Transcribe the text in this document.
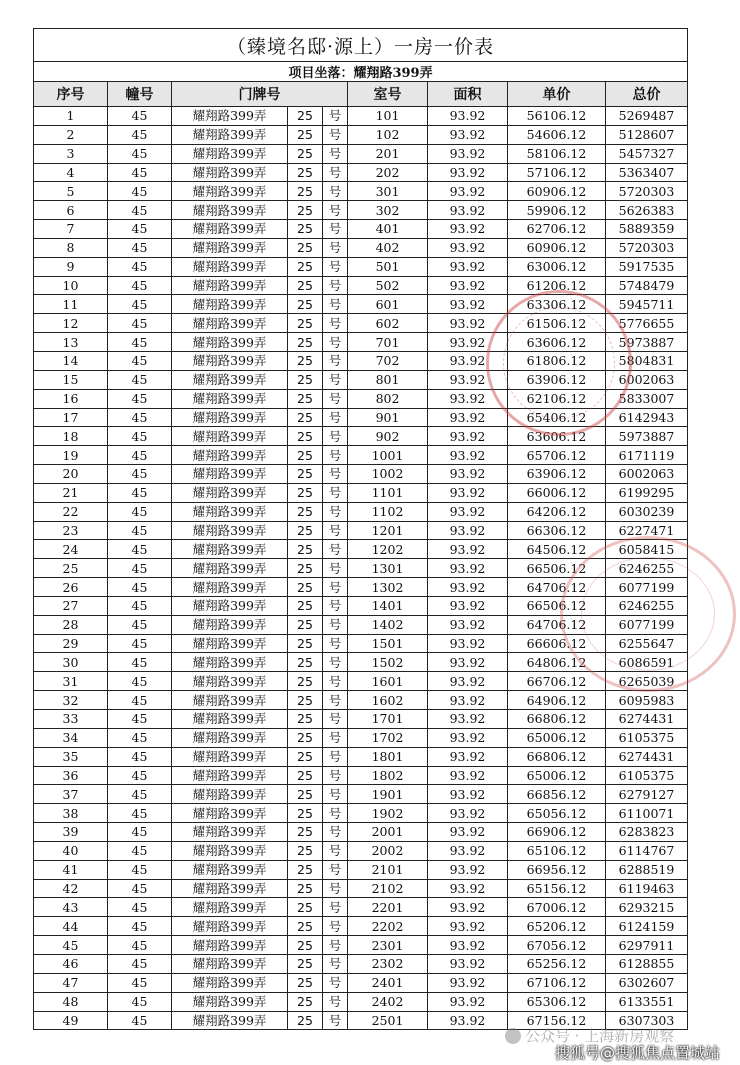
（臻境名邸·源上）一房一价表								
项目坐落：耀翔路399弄								
序号	幢号	门牌号			室号	面积	单价	总价
1	45	耀翔路399弄	25	号	101	93.92	56106.12	5269487
2	45	耀翔路399弄	25	号	102	93.92	54606.12	5128607
3	45	耀翔路399弄	25	号	201	93.92	58106.12	5457327
4	45	耀翔路399弄	25	号	202	93.92	57106.12	5363407
5	45	耀翔路399弄	25	号	301	93.92	60906.12	5720303
6	45	耀翔路399弄	25	号	302	93.92	59906.12	5626383
7	45	耀翔路399弄	25	号	401	93.92	62706.12	5889359
8	45	耀翔路399弄	25	号	402	93.92	60906.12	5720303
9	45	耀翔路399弄	25	号	501	93.92	63006.12	5917535
10	45	耀翔路399弄	25	号	502	93.92	61206.12	5748479
11	45	耀翔路399弄	25	号	601	93.92	63306.12	5945711
12	45	耀翔路399弄	25	号	602	93.92	61506.12	5776655
13	45	耀翔路399弄	25	号	701	93.92	63606.12	5973887
14	45	耀翔路399弄	25	号	702	93.92	61806.12	5804831
15	45	耀翔路399弄	25	号	801	93.92	63906.12	6002063
16	45	耀翔路399弄	25	号	802	93.92	62106.12	5833007
17	45	耀翔路399弄	25	号	901	93.92	65406.12	6142943
18	45	耀翔路399弄	25	号	902	93.92	63606.12	5973887
19	45	耀翔路399弄	25	号	1001	93.92	65706.12	6171119
20	45	耀翔路399弄	25	号	1002	93.92	63906.12	6002063
21	45	耀翔路399弄	25	号	1101	93.92	66006.12	6199295
22	45	耀翔路399弄	25	号	1102	93.92	64206.12	6030239
23	45	耀翔路399弄	25	号	1201	93.92	66306.12	6227471
24	45	耀翔路399弄	25	号	1202	93.92	64506.12	6058415
25	45	耀翔路399弄	25	号	1301	93.92	66506.12	6246255
26	45	耀翔路399弄	25	号	1302	93.92	64706.12	6077199
27	45	耀翔路399弄	25	号	1401	93.92	66506.12	6246255
28	45	耀翔路399弄	25	号	1402	93.92	64706.12	6077199
29	45	耀翔路399弄	25	号	1501	93.92	66606.12	6255647
30	45	耀翔路399弄	25	号	1502	93.92	64806.12	6086591
31	45	耀翔路399弄	25	号	1601	93.92	66706.12	6265039
32	45	耀翔路399弄	25	号	1602	93.92	64906.12	6095983
33	45	耀翔路399弄	25	号	1701	93.92	66806.12	6274431
34	45	耀翔路399弄	25	号	1702	93.92	65006.12	6105375
35	45	耀翔路399弄	25	号	1801	93.92	66806.12	6274431
36	45	耀翔路399弄	25	号	1802	93.92	65006.12	6105375
37	45	耀翔路399弄	25	号	1901	93.92	66856.12	6279127
38	45	耀翔路399弄	25	号	1902	93.92	65056.12	6110071
39	45	耀翔路399弄	25	号	2001	93.92	66906.12	6283823
40	45	耀翔路399弄	25	号	2002	93.92	65106.12	6114767
41	45	耀翔路399弄	25	号	2101	93.92	66956.12	6288519
42	45	耀翔路399弄	25	号	2102	93.92	65156.12	6119463
43	45	耀翔路399弄	25	号	2201	93.92	67006.12	6293215
44	45	耀翔路399弄	25	号	2202	93.92	65206.12	6124159
45	45	耀翔路399弄	25	号	2301	93.92	67056.12	6297911
46	45	耀翔路399弄	25	号	2302	93.92	65256.12	6128855
47	45	耀翔路399弄	25	号	2401	93.92	67106.12	6302607
48	45	耀翔路399弄	25	号	2402	93.92	65306.12	6133551
49	45	耀翔路399弄	25	号	2501	93.92	67156.12	6307303
公众号 · 上海新房观察
搜狐号@搜狐焦点置城站
